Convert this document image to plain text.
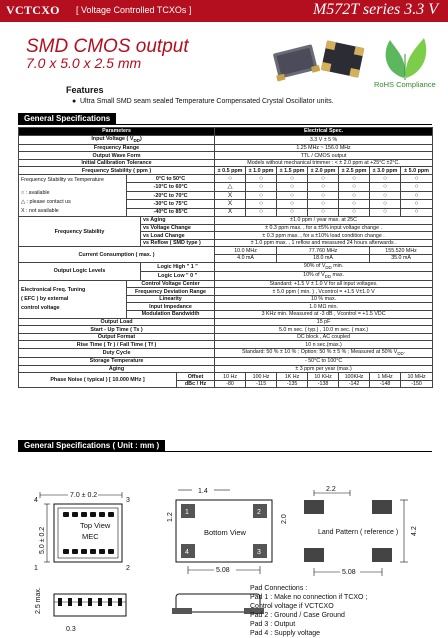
VCTCXO [ Voltage Controlled TCXOs ]	M572T series 3.3 V
SMD CMOS output
7.0 x 5.0 x 2.5 mm
RoHS Compliance
Features
● Ultra Small SMD seam sealed Temperature Compensated Crystal Oscillator units.
General Specifications
Parameters				Electrical Spec.						
Input Voltage ( $V_{DD}$)				3.3 V ± 5 %						
Frequency Range				1.25 MHz ~ 156.0 MHz						
Output Wave Form				TTL / CMOS output						
Initial Calibration Tolerance				Models without mechanical trimmer : < ± 2.0 ppm at +25°C ±2°C.						
Frequency Stability ( ppm )				± 0.5 ppm	± 1.0 ppm	± 1.5 ppm	± 2.0 ppm	± 2.5 ppm	± 3.0 ppm	± 5.0 ppm

Frequency Stability vs Temperature
○ : available
△ : please contact us
X : not available	0°C to 50°C			○	○	○	○	○	○	○
	-10°C to 60°C			△	○	○	○	○	○	○
	-20°C to 70°C			X	○	○	○	○	○	○
	-30°C to 75°C			X	○	○	○	○	○	○
	-40°C to 85°C			X	○	○	○	○	○	○
Frequency Stability		vs Aging		±1.0 ppm / year max. at 25C						
		vs Voltage Change		± 0.3 ppm max. , for a ±5% input voltage change .						
		vs Load Change		± 0.3 ppm max. , for a ±10% load condition change .						
		vs Reflow ( SMD type )		± 1.0 ppm max. , 1 reflow and measured 24 hours afterwards .						
Current Consumption ( max. )				10.0 MHz		77.760 MHz			155.520 MHz	
				4.0 mA		18.0 mA			35.0 mA	
Output Logic Levels		Logic High " 1 "		90% of $V_{DD}$ min.						
		Logic Low " 0 "		10% of $V_{DD}$ max.						

Electronical Freq. Tuning
( EFC ) by external
control voltage	Control Voltage Center			Standard: +1.5 V ± 1.0 V for all input voltages.						
	Frequency Deviation Range			± 5.0 ppm ( min. ) , Vcontrol = +1.5 V±1.0 V						
	Linearity			10 % max.						
	Input Impedance			1.0 MΩ min.						
	Modulation Bandwidth			3 KHz min. Measured at -3 dB , Vcontrol = +1.5 VDC						
Output Load				15 pF						
Start - Up Time ( Ts )				5.0 m sec. ( typ.) , 10.0 m sec. ( max.)						
Output Format				DC block , AC coupled						
Rise Time ( Tr ) / Fall Time ( Tf )				10 n sec.(max.)						
Duty Cycle				Standard: 50 % ± 10 % ; Option: 50 % ± 5 % ; Measured at 50% $V_{DD}$.						
Storage Temperature				- 50°C to 100°C						
Aging				± 3 ppm per year (max.)						
Phase Noise ( typical ) [ 10.000 MHz ]			Offset	10 Hz	100 Hz	1K Hz	10 KHz	100KHz	1 MHz	10 MHz
			dBc / Hz	-80	-115	-135	-138	-142	-148	-150
General Specifications ( Unit : mm )
7.0 ± 0.2
4	3
Top View
MEC
1	2
5.0 ± 0.2
1.4
1	2
4	3
Bottom View
1.2
5.08
2.0
2.2
Land Pattern ( reference ) 4.2
5.08
2.5 max.
0.3
Pad Connections :
Pad 1 : Make no connection if TCXO ;
Control voltage if VCTCXO
Pad 2 : Ground / Case Ground
Pad 3 : Output
Pad 4 : Supply voltage
